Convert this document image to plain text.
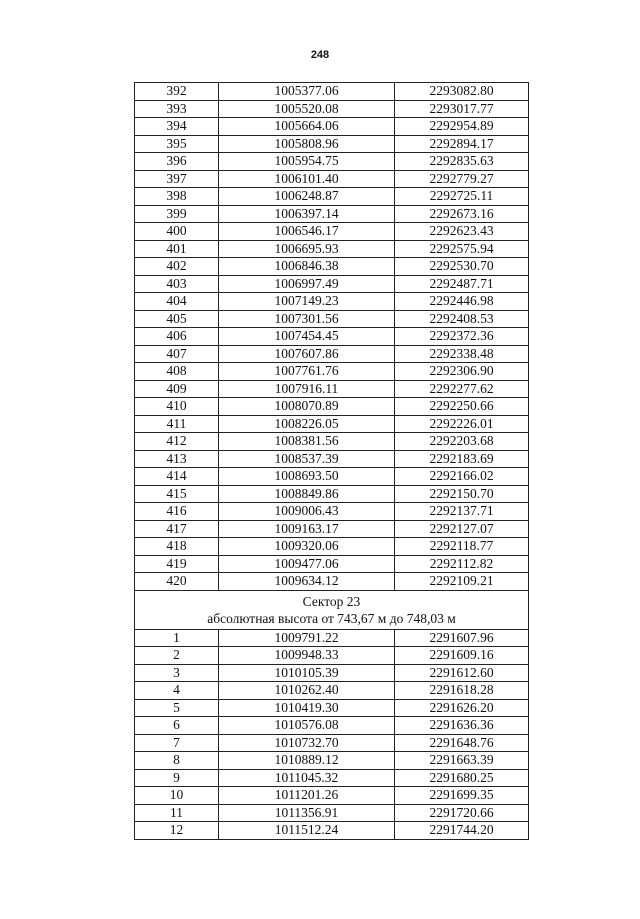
248
392	1005377.06	2293082.80
393	1005520.08	2293017.77
394	1005664.06	2292954.89
395	1005808.96	2292894.17
396	1005954.75	2292835.63
397	1006101.40	2292779.27
398	1006248.87	2292725.11
399	1006397.14	2292673.16
400	1006546.17	2292623.43
401	1006695.93	2292575.94
402	1006846.38	2292530.70
403	1006997.49	2292487.71
404	1007149.23	2292446.98
405	1007301.56	2292408.53
406	1007454.45	2292372.36
407	1007607.86	2292338.48
408	1007761.76	2292306.90
409	1007916.11	2292277.62
410	1008070.89	2292250.66
411	1008226.05	2292226.01
412	1008381.56	2292203.68
413	1008537.39	2292183.69
414	1008693.50	2292166.02
415	1008849.86	2292150.70
416	1009006.43	2292137.71
417	1009163.17	2292127.07
418	1009320.06	2292118.77
419	1009477.06	2292112.82
420	1009634.12	2292109.21

Сектор 23
абсолютная высота от 743,67 м до 748,03 м		

1	1009791.22	2291607.96
2	1009948.33	2291609.16
3	1010105.39	2291612.60
4	1010262.40	2291618.28
5	1010419.30	2291626.20
6	1010576.08	2291636.36
7	1010732.70	2291648.76
8	1010889.12	2291663.39
9	1011045.32	2291680.25
10	1011201.26	2291699.35
11	1011356.91	2291720.66
12	1011512.24	2291744.20
